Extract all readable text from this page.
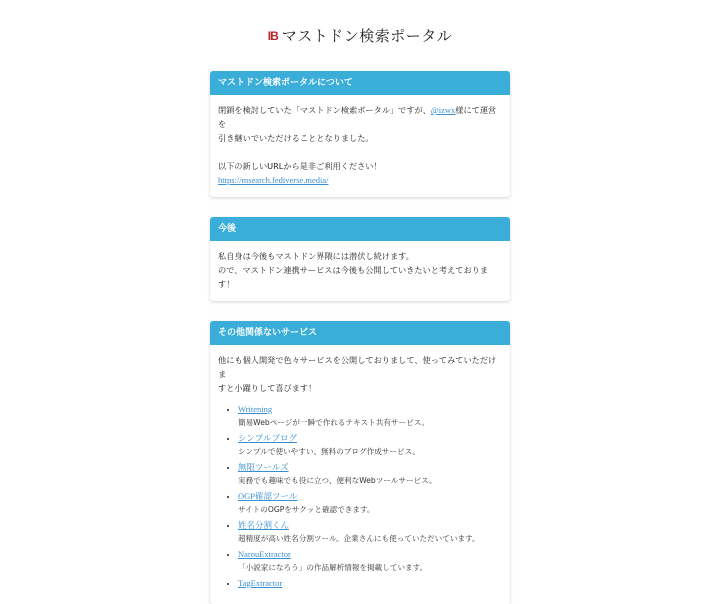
IB マストドン検索ポータル
マストドン検索ポータルについて

閉鎖を検討していた「マストドン検索ポータル」ですが、@izwx様にて運営を

引き継いでいただけることとなりました。

以下の新しいURLから是非ご利用ください！

https://msearch.fediverse.media/

今後

私自身は今後もマストドン界隈には潜伏し続けます。

ので、マストドン連携サービスは今後も公開していきたいと考えております！

その他関係ないサービス

他にも個人開発で色々サービスを公開しておりまして、使ってみていただけま

すと小躍りして喜びます！

• Writening
簡易Webページが一瞬で作れるテキスト共有サービス。
• シンプルブログ
シンプルで使いやすい、無料のブログ作成サービス。
• 無限ツールズ
実務でも趣味でも役に立つ、便利なWebツールサービス。
• OGP確認ツール
サイトのOGPをサクッと確認できます。
• 姓名分割くん
超精度が高い姓名分割ツール。企業さんにも使っていただいています。
• NarouExtractor
「小説家になろう」の作品解析情報を掲載しています。
• TagExtractor
